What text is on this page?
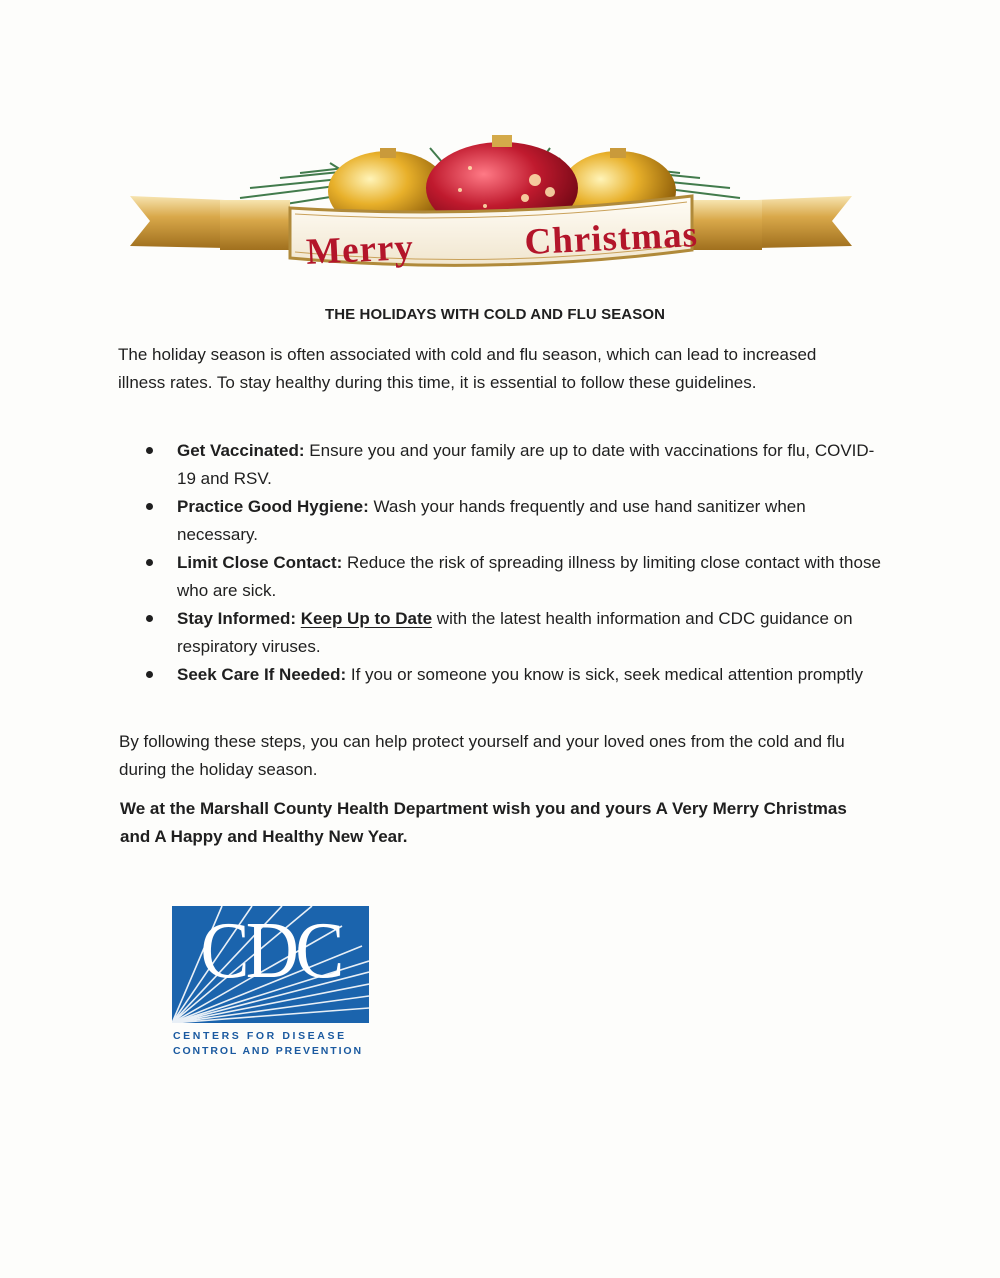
Merry	Christmas
THE HOLIDAYS WITH COLD AND FLU SEASON

The holiday season is often associated with cold and flu season, which can lead to increased illness rates. To stay healthy during this time, it is essential to follow these guidelines.

Get Vaccinated: Ensure you and your family are up to date with vaccinations for flu, COVID-19 and RSV.
Practice Good Hygiene: Wash your hands frequently and use hand sanitizer when necessary.
Limit Close Contact: Reduce the risk of spreading illness by limiting close contact with those who are sick.
Stay Informed: Keep Up to Date with the latest health information and CDC guidance on respiratory viruses.
Seek Care If Needed: If you or someone you know is sick, seek medical attention promptly

By following these steps, you can help protect yourself and your loved ones from the cold and flu during the holiday season.

We at the Marshall County Health Department wish you and yours A Very Merry Christmas and A Happy and Healthy New Year.

CDC
CENTERS FOR DISEASE
CONTROL AND PREVENTION
